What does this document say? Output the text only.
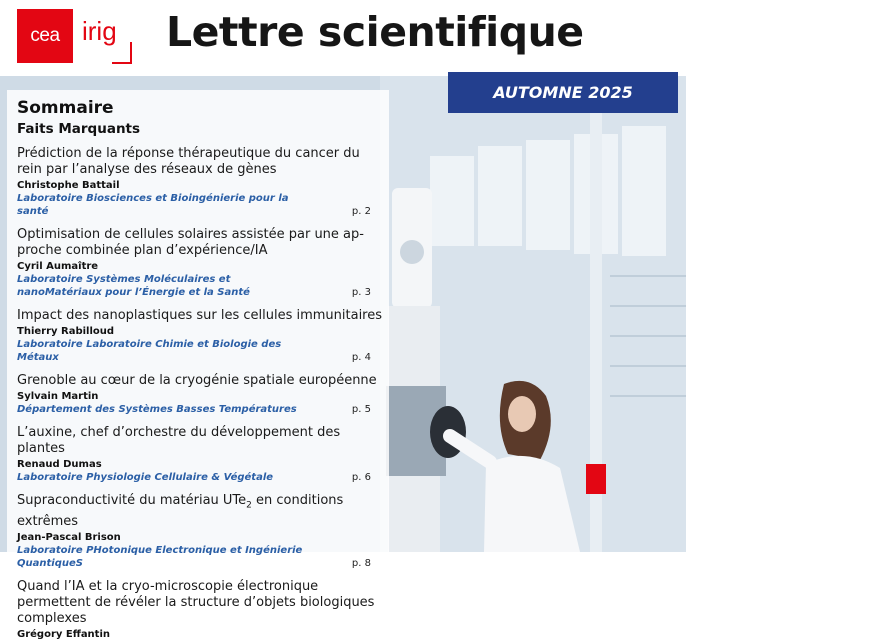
cea irig Lettre scientifique
AUTOMNE 2025
Sommaire
Faits Marquants
Prédiction de la réponse thérapeutique du cancer du rein par l’analyse des réseaux de gènes
Christophe Battail
Laboratoire Biosciences et Bioingénierie pour la santé	p. 2
Optimisation de cellules solaires assistée par une ap-proche combinée plan d’expérience/IA
Cyril Aumaître
Laboratoire Systèmes Moléculaires et nanoMatériaux pour l’Énergie et la Santé	p. 3
Impact des nanoplastiques sur les cellules immunitaires
Thierry Rabilloud
Laboratoire Laboratoire Chimie et Biologie des Métaux	p. 4
Grenoble au cœur de la cryogénie spatiale européenne
Sylvain Martin
Département des Systèmes Basses Températures	p. 5
L’auxine, chef d’orchestre du développement des plantes
Renaud Dumas
Laboratoire Physiologie Cellulaire & Végétale	p. 6
Supraconductivité du matériau UTe$_2$ en conditions extrêmes
Jean-Pascal Brison
Laboratoire PHotonique Electronique et Ingénierie QuantiqueS	p. 8
Quand l’IA et la cryo-microscopie électronique permettent de révéler la structure d’objets biologiques complexes
Grégory Effantin
